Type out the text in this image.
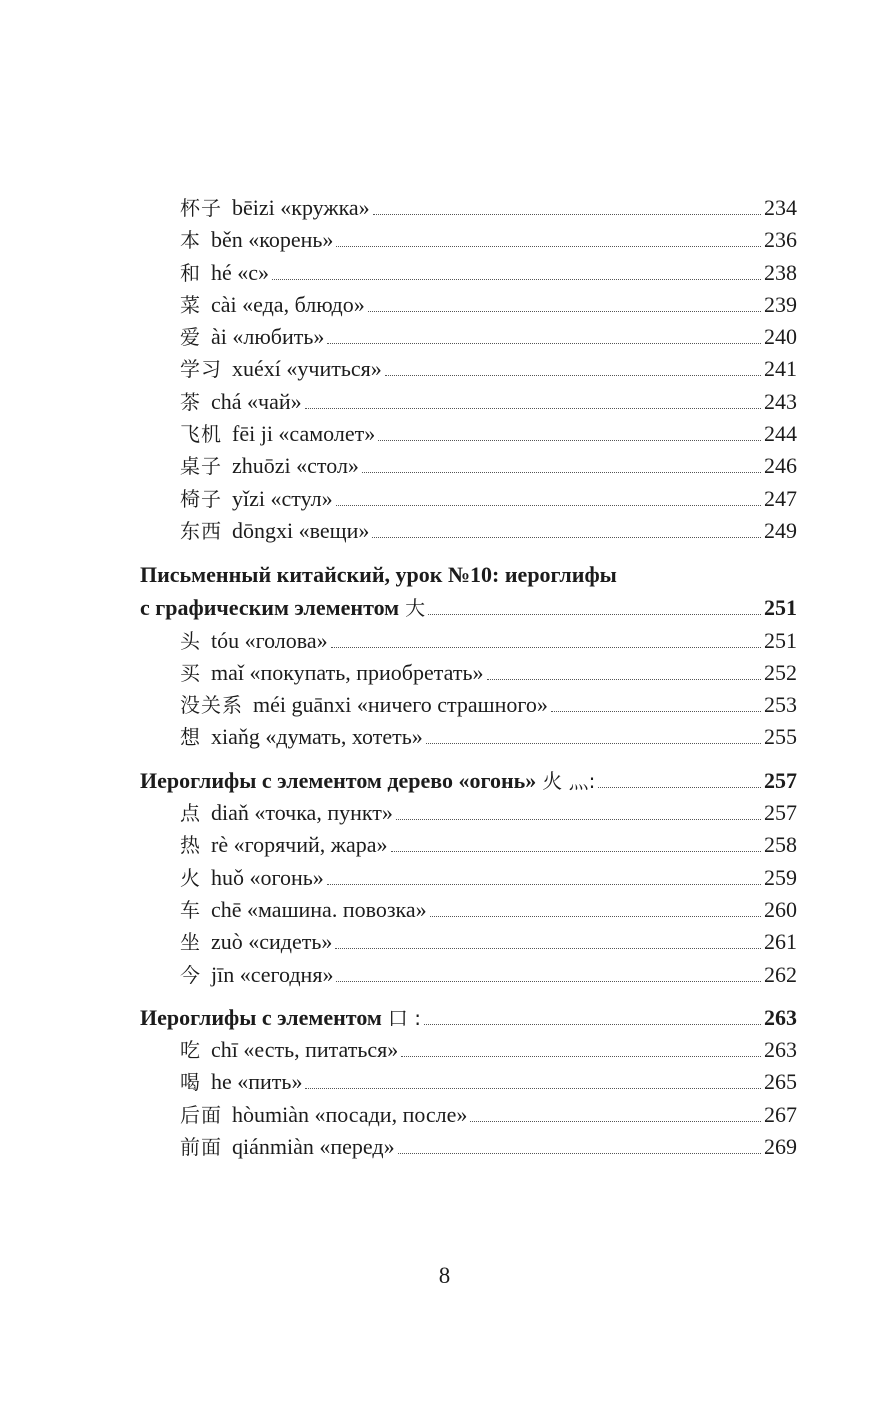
杯子 bēizi «кружка»	234
本 běn «корень»	236
和 hé «с»	238
菜 cài «еда, блюдо»	239
爱 ài «любить»	240
学习 xuéxí «учиться»	241
茶 chá «чай»	243
飞机 fēi ji «самолет»	244
桌子 zhuōzi «стол»	246
椅子 yǐzi «стул»	247
东西 dōngxi «вещи»	249
Письменный китайский, урок №10: иероглифы
с графическим элементом 大	251
头 tóu «голова»	251
买 maǐ «покупать, приобретать»	252
没关系 méi guānxi «ничего страшного»	253
想 xiaňg «думать, хотеть»	255
Иероглифы с элементом дерево «огонь» 火 灬:	257
点 diaň «точка, пункт»	257
热 rè «горячий, жара»	258
火 huǒ «огонь»	259
车 chē «машина. повозка»	260
坐 zuò «сидеть»	261
今 jīn «сегодня»	262
Иероглифы с элементом 口 :	263
吃 chī «есть, питаться»	263
喝 he «пить»	265
后面 hòumiàn «посади, после»	267
前面 qiánmiàn «перед»	269
8
